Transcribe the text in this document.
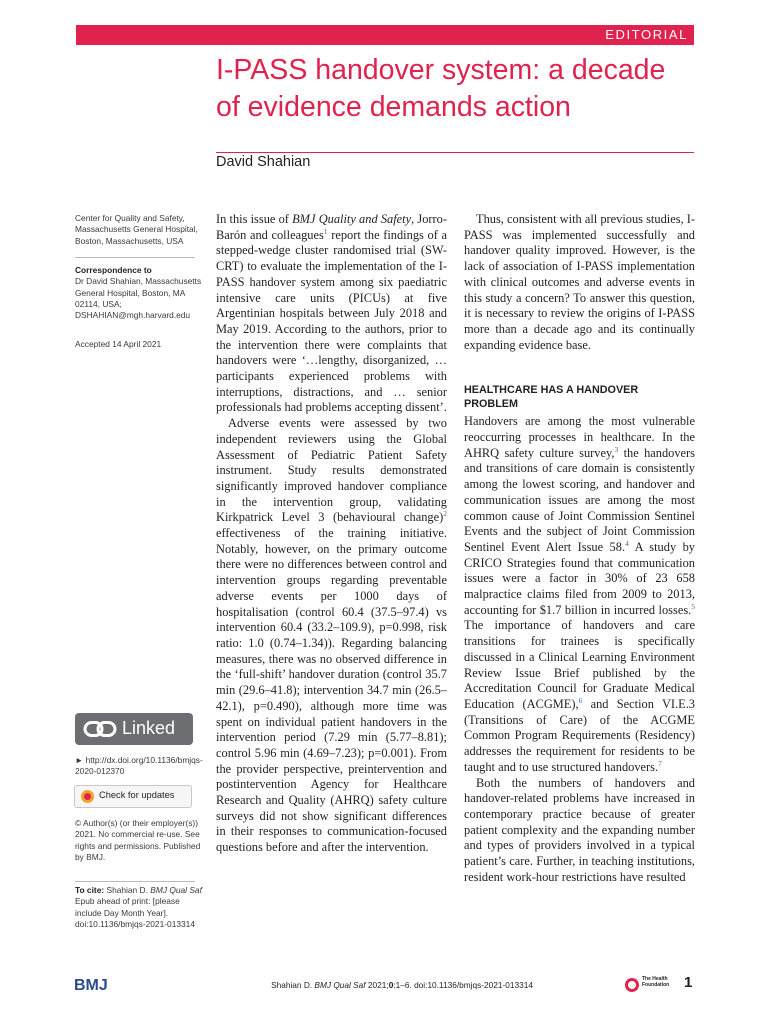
EDITORIAL
I-PASS handover system: a decade of evidence demands action
David Shahian
Center for Quality and Safety, Massachusetts General Hospital, Boston, Massachusetts, USA
Correspondence to
Dr David Shahian, Massachusetts General Hospital, Boston, MA 02114, USA; DSHAHIAN@mgh.harvard.edu
Accepted 14 April 2021
Linked
► http://dx.doi.org/10.1136/bmjqs-2020-012370
Check for updates
© Author(s) (or their employer(s)) 2021. No commercial re-use. See rights and permissions. Published by BMJ.
To cite: Shahian D. BMJ Qual Saf Epub ahead of print: [please include Day Month Year]. doi:10.1136/bmjqs-2021-013314

In this issue of BMJ Quality and Safety, Jorro-Barón and colleagues$^1$ report the findings of a stepped-wedge cluster randomised trial (SW-CRT) to evaluate the implementation of the I-PASS handover system among six paediatric intensive care units (PICUs) at five Argentinian hospitals between July 2018 and May 2019. According to the authors, prior to the intervention there were complaints that handovers were ‘…lengthy, disorganized, …participants experienced problems with interruptions, distractions, and … senior professionals had problems accepting dissent’.

Adverse events were assessed by two independent reviewers using the Global Assessment of Pediatric Patient Safety instrument. Study results demonstrated significantly improved handover compliance in the intervention group, validating Kirkpatrick Level 3 (behavioural change)$^2$ effectiveness of the training initiative. Notably, however, on the primary outcome there were no differences between control and intervention groups regarding preventable adverse events per 1000 days of hospitalisation (control 60.4 (37.5–97.4) vs intervention 60.4 (33.2–109.9), p=0.998, risk ratio: 1.0 (0.74–1.34)). Regarding balancing measures, there was no observed difference in the ‘full-shift’ handover duration (control 35.7 min (29.6–41.8); intervention 34.7 min (26.5–42.1), p=0.490), although more time was spent on individual patient handovers in the intervention period (7.29 min (5.77–8.81); control 5.96 min (4.69–7.23); p=0.001). From the provider perspective, preintervention and postintervention Agency for Healthcare Research and Quality (AHRQ) safety culture surveys did not show significant differences in their responses to communication-focused questions before and after the intervention.

Thus, consistent with all previous studies, I-PASS was implemented successfully and handover quality improved. However, is the lack of association of I-PASS implementation with clinical outcomes and adverse events in this study a concern? To answer this question, it is necessary to review the origins of I-PASS more than a decade ago and its continually expanding evidence base.

HEALTHCARE HAS A HANDOVER PROBLEM

Handovers are among the most vulnerable reoccurring processes in healthcare. In the AHRQ safety culture survey,$^3$ the handovers and transitions of care domain is consistently among the lowest scoring, and handover and communication issues are among the most common cause of Joint Commission Sentinel Events and the subject of Joint Commission Sentinel Event Alert Issue 58.$^4$ A study by CRICO Strategies found that communication issues were a factor in 30% of 23 658 malpractice claims filed from 2009 to 2013, accounting for $1.7 billion in incurred losses.$^5$ The importance of handovers and care transitions for trainees is specifically discussed in a Clinical Learning Environment Review Issue Brief published by the Accreditation Council for Graduate Medical Education (ACGME),$^6$ and Section VI.E.3 (Transitions of Care) of the ACGME Common Program Requirements (Residency) addresses the requirement for residents to be taught and to use structured handovers.$^7$

Both the numbers of handovers and handover-related problems have increased in contemporary practice because of greater patient complexity and the expanding number and types of providers involved in a typical patient’s care. Further, in teaching institutions, resident work-hour restrictions have resulted

BMJ	Shahian D. BMJ Qual Saf 2021;0:1–6. doi:10.1136/bmjqs-2021-013314
The Health Foundation 1
